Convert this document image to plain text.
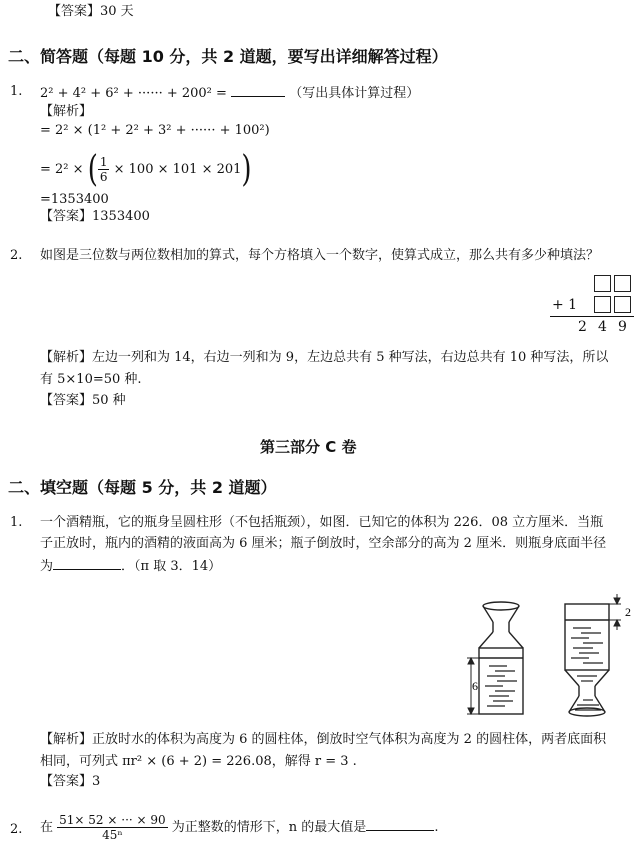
【答案】30 天
二、简答题（每题 10 分，共 2 道题，要写出详细解答过程）
1. 2² + 4² + 6² + ······ + 200² =	（写出具体计算过程）
【解析】
= 2² × (1² + 2² + 3² + ······ + 100²)
= 2² × ( $\frac{1}{6} \times 100 \times 101 \times 201$)
=1353400
【答案】1353400
2. 如图是三位数与两位数相加的算式，每个方格填入一个数字，使算式成立，那么共有多少种填法？
+ 1
2 4 9
【解析】左边一列和为 14，右边一列和为 9，左边总共有 5 种写法，右边总共有 10 种写法，所以
有 5×10=50 种.
【答案】50 种
第三部分 C 卷
二、填空题（每题 5 分，共 2 道题）
1. 一个酒精瓶，它的瓶身呈圆柱形（不包括瓶颈），如图．已知它的体积为 226．08 立方厘米．当瓶
子正放时，瓶内的酒精的液面高为 6 厘米；瓶子倒放时，空余部分的高为 2 厘米．则瓶身底面半径
为	．（π 取 3．14）
6
2
【解析】正放时水的体积为高度为 6 的圆柱体，倒放时空气体积为高度为 2 的圆柱体，两者底面积
相同，可列式 πr² × (6 + 2) = 226.08，解得 r = 3 .
【答案】3
2. 在 $\frac{51\times 52 \times \cdot\cdot\cdot \times 90}{\text{45ⁿ}}$ 为正整数的情形下，n 的最大值是	.
